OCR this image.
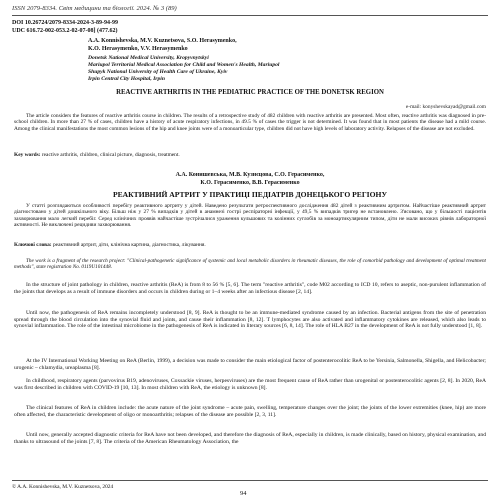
ISSN 2079-8334. Світ медицини та біології. 2024. № 3 (89)
DOI 10.26724/2079-8334-2024-3-89-94-99
UDC 616.72-002-053.2-02-07-08] (477.62)
A.A. Konnishevska, M.V. Kuznetsova, S.O. Herasymenko,
K.O. Herasymenko, V.V. Herasymenko
Donetsk National Medical University, Kropyvnytskyi
Mariupol Territorial Medical Association for Child and Women's Health, Mariupol
Shupyk National University of Health Care of Ukraine, Kyiv
Irpin Central City Hospital, Irpin
REACTIVE ARTHRITIS IN THE PEDIATRIC PRACTICE OF THE DONETSK REGION
e-mail: konyshevskayad@gmail.com
The article considers the features of reactive arthritis course in children. The results of a retrospective study of 482 children with reactive arthritis are presented. Most often, reactive arthritis was diagnosed in pre-school children. In more than 27 % of cases, children have a history of acute respiratory infections, in 49.5 % of cases the trigger is not determined. It was found that in most patients the disease had a mild course. Among the clinical manifestations the most common lesions of the hip and knee joints were of a monoarticular type, children did not have high levels of laboratory activity. Relapses of the disease are not excluded.
Key words: reactive arthritis, children, clinical picture, diagnosis, treatment.
А.А. Конишевська, М.В. Кузнєцова, С.О. Герасименко,
К.О. Герасименко, В.В. Герасименко
РЕАКТИВНИЙ АРТРИТ У ПРАКТИЦІ ПЕДІАТРІВ ДОНЕЦЬКОГО РЕГІОНУ
У статті розглядаються особливості перебігу реактивного артриту у дітей. Наведено результати ретроспективного дослідження 482 дітей з реактивним артритом. Найчастіше реактивний артрит діагностовано у дітей дошкільного віку. Більш ніж у 27 % випадків у дітей в анамнезі гострі респіраторні інфекції, у 49,5 % випадків тригер не встановлено. З'ясовано, що у більшості пацієнтів захворювання мало легкий перебіг. Серед клінічних проявів найчастіше зустрічалися ураження кульшових та колінних суглобів за моноартикулярним типом, діти не мали високих рівнів лабораторної активності. Не виключені рецидиви захворювання.
Ключові слова: реактивний артрит, діти, клінічна картина, діагностика, лікування.
The work is a fragment of the research project: "Clinical-pathogenetic significance of systemic and local metabolic disorders in rheumatic diseases, the role of comorbid pathology and development of optimal treatment methods", state registration No. 0119U101448.
In the structure of joint pathology in children, reactive arthritis (ReA) is from 8 to 56 % [5, 6]. The term "reactive arthritis", code M02 according to ICD 10, refers to aseptic, non-purulent inflammation of the joints that develops as a result of immune disorders and occurs in children during or 1–4 weeks after an infectious disease [2, 14].
Until now, the pathogenesis of ReA remains incompletely understood [8, 9]. ReA is thought to be an immune-mediated syndrome caused by an infection. Bacterial antigens from the site of penetration spread through the blood circulation into the synovial fluid and joints, and cause their inflammation [8, 12]. T lymphocytes are also activated and inflammatory cytokines are released, which also leads to synovial inflammation. The role of the intestinal microbiome in the pathogenesis of ReA is indicated in literary sources [6, 8, 14]. The role of HLA B27 in the development of ReA is not fully understood [1, 8].
At the IV International Working Meeting on ReA (Berlin, 1999), a decision was made to consider the main etiological factor of postenterocolitic ReA to be Yersinia, Salmonella, Shigella, and Helicobacter; urogenic – chlamydia, ureaplasma [8].
In childhood, respiratory agents (parvovirus B19, adenoviruses, Coxsackie viruses, herpesviruses) are the most frequent cause of ReA rather than urogenital or postenterocolitic agents [2, 8]. In 2020, ReA was first described in children with COVID-19 [10, 13]. In most children with ReA, the etiology is unknown [8].
The clinical features of ReA in children include: the acute nature of the joint syndrome – acute pain, swelling, temperature changes over the joint; the joints of the lower extremities (knee, hip) are more often affected, the characteristic development of oligo or monoarthritis; relapses of the disease are possible [2, 3, 11].
Until now, generally accepted diagnostic criteria for ReA have not been developed, and therefore the diagnosis of ReA, especially in children, is made clinically, based on history, physical examination, and thanks to ultrasound of the joints [7, 8]. The criteria of the American Rheumatology Association, the
© A.A. Konnishevska, M.V. Kuznetsova, 2024
94
